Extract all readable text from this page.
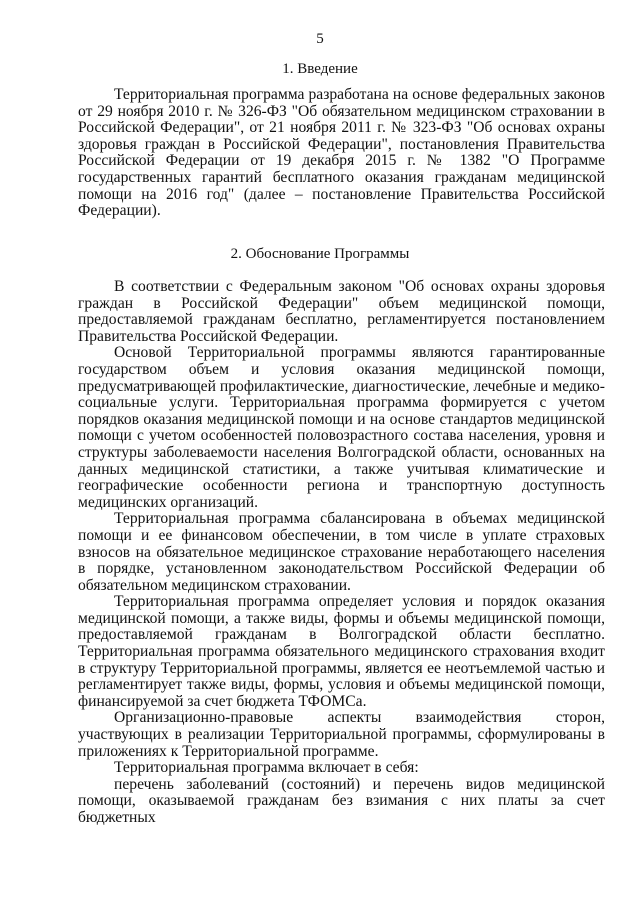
5
1. Введение

Территориальная программа разработана на основе федеральных законов от 29 ноября 2010 г. № 326-ФЗ "Об обязательном медицинском страховании в Российской Федерации", от 21 ноября 2011 г. № 323-ФЗ "Об основах охраны здоровья граждан в Российской Федерации", постановления Правительства Российской Федерации от 19 декабря 2015 г. № 1382 "О Программе государственных гарантий бесплатного оказания гражданам медицинской помощи на 2016 год" (далее – постановление Правительства Российской Федерации).

2. Обоснование Программы

В соответствии с Федеральным законом "Об основах охраны здоровья граждан в Российской Федерации" объем медицинской помощи, предоставляемой гражданам бесплатно, регламентируется постановлением Правительства Российской Федерации.

Основой Территориальной программы являются гарантированные государством объем и условия оказания медицинской помощи, предусматривающей профилактические, диагностические, лечебные и медико-социальные услуги. Территориальная программа формируется с учетом порядков оказания медицинской помощи и на основе стандартов медицинской помощи с учетом особенностей половозрастного состава населения, уровня и структуры заболеваемости населения Волгоградской области, основанных на данных медицинской статистики, а также учитывая климатические и географические особенности региона и транспортную доступность медицинских организаций.

Территориальная программа сбалансирована в объемах медицинской помощи и ее финансовом обеспечении, в том числе в уплате страховых взносов на обязательное медицинское страхование неработающего населения в порядке, установленном законодательством Российской Федерации об обязательном медицинском страховании.

Территориальная программа определяет условия и порядок оказания медицинской помощи, а также виды, формы и объемы медицинской помощи, предоставляемой гражданам в Волгоградской области бесплатно. Территориальная программа обязательного медицинского страхования входит в структуру Территориальной программы, является ее неотъемлемой частью и регламентирует также виды, формы, условия и объемы медицинской помощи, финансируемой за счет бюджета ТФОМСа.

Организационно-правовые аспекты взаимодействия сторон, участвующих в реализации Территориальной программы, сформулированы в приложениях к Территориальной программе.

Территориальная программа включает в себя:

перечень заболеваний (состояний) и перечень видов медицинской помощи, оказываемой гражданам без взимания с них платы за счет бюджетных
